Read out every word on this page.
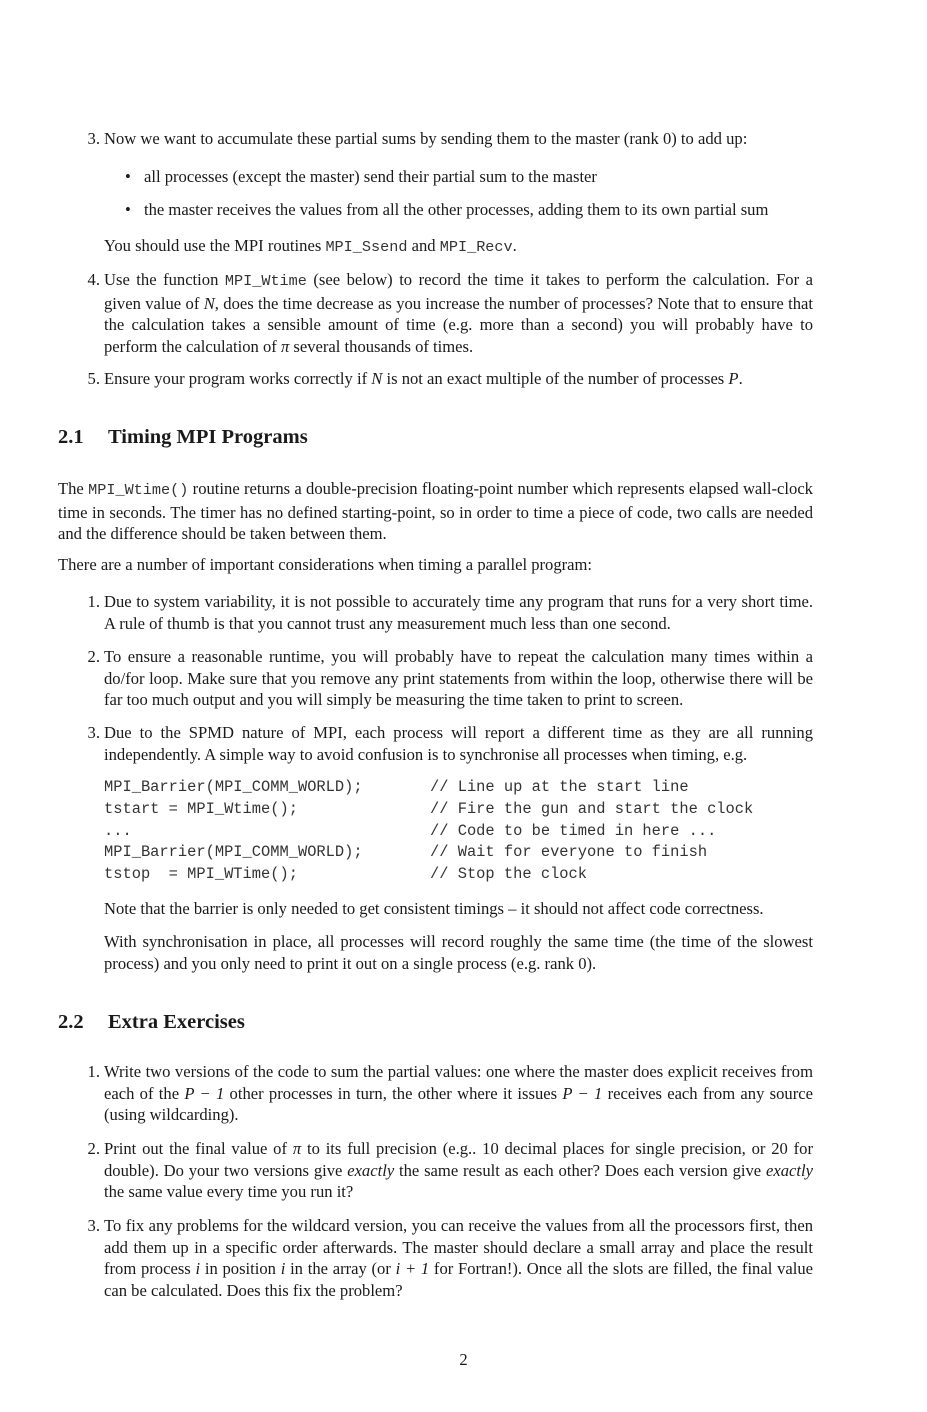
3. Now we want to accumulate these partial sums by sending them to the master (rank 0) to add up:

• all processes (except the master) send their partial sum to the master
• the master receives the values from all the other processes, adding them to its own partial sum

You should use the MPI routines MPI_Ssend and MPI_Recv.

4. Use the function MPI_Wtime (see below) to record the time it takes to perform the calculation. For a given value of N, does the time decrease as you increase the number of processes? Note that to ensure that the calculation takes a sensible amount of time (e.g. more than a second) you will probably have to perform the calculation of π several thousands of times.

5. Ensure your program works correctly if N is not an exact multiple of the number of processes P.

2.1 Timing MPI Programs

The MPI_Wtime() routine returns a double-precision floating-point number which represents elapsed wall-clock time in seconds. The timer has no defined starting-point, so in order to time a piece of code, two calls are needed and the difference should be taken between them.

There are a number of important considerations when timing a parallel program:

1. Due to system variability, it is not possible to accurately time any program that runs for a very short time. A rule of thumb is that you cannot trust any measurement much less than one second.

2. To ensure a reasonable runtime, you will probably have to repeat the calculation many times within a do/for loop. Make sure that you remove any print statements from within the loop, otherwise there will be far too much output and you will simply be measuring the time taken to print to screen.

3. Due to the SPMD nature of MPI, each process will report a different time as they are all running independently. A simple way to avoid confusion is to synchronise all processes when timing, e.g.

MPI_Barrier(MPI_COMM_WORLD);	// Line up at the start line
tstart = MPI_Wtime();	// Fire the gun and start the clock
...	// Code to be timed in here ...
MPI_Barrier(MPI_COMM_WORLD);	// Wait for everyone to finish
tstop  = MPI_WTime();	// Stop the clock

Note that the barrier is only needed to get consistent timings – it should not affect code correctness.

With synchronisation in place, all processes will record roughly the same time (the time of the slowest process) and you only need to print it out on a single process (e.g. rank 0).

2.2 Extra Exercises
1. Write two versions of the code to sum the partial values: one where the master does explicit receives from each of the P − 1 other processes in turn, the other where it issues P − 1 receives each from any source (using wildcarding).

2. Print out the final value of π to its full precision (e.g.. 10 decimal places for single precision, or 20 for double). Do your two versions give exactly the same result as each other? Does each version give exactly the same value every time you run it?

3. To fix any problems for the wildcard version, you can receive the values from all the processors first, then add them up in a specific order afterwards. The master should declare a small array and place the result from process i in position i in the array (or i + 1 for Fortran!). Once all the slots are filled, the final value can be calculated. Does this fix the problem?

2
